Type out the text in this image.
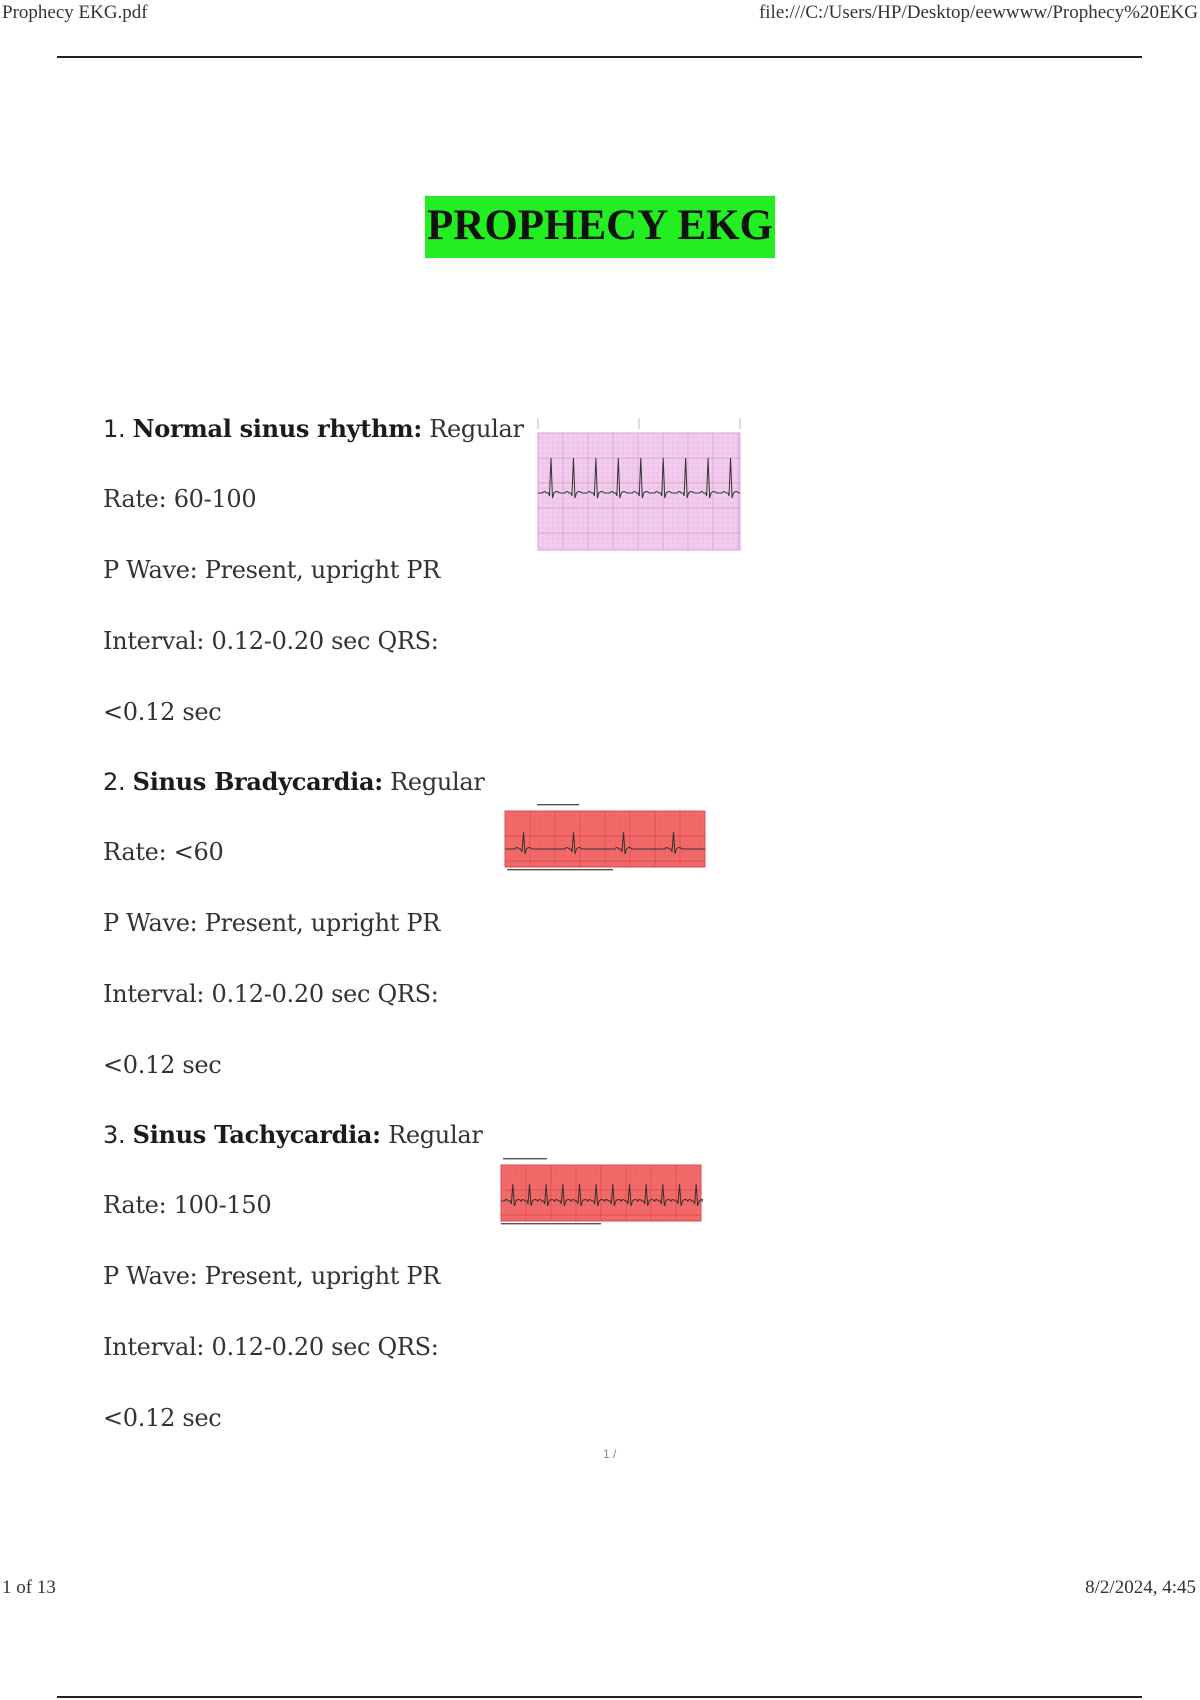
Prophecy EKG.pdf	file:///C:/Users/HP/Desktop/eewwww/Prophecy%20EKG
PROPHECY EKG
1. Normal sinus rhythm: Regular
Rate: 60-100
P Wave: Present, upright PR
Interval: 0.12-0.20 sec QRS:
<0.12 sec
2. Sinus Bradycardia: Regular
Rate: <60
P Wave: Present, upright PR
Interval: 0.12-0.20 sec QRS:
<0.12 sec
3. Sinus Tachycardia: Regular
Rate: 100-150
P Wave: Present, upright PR
Interval: 0.12-0.20 sec QRS:
<0.12 sec
1 /
1 of 13	8/2/2024, 4:45
